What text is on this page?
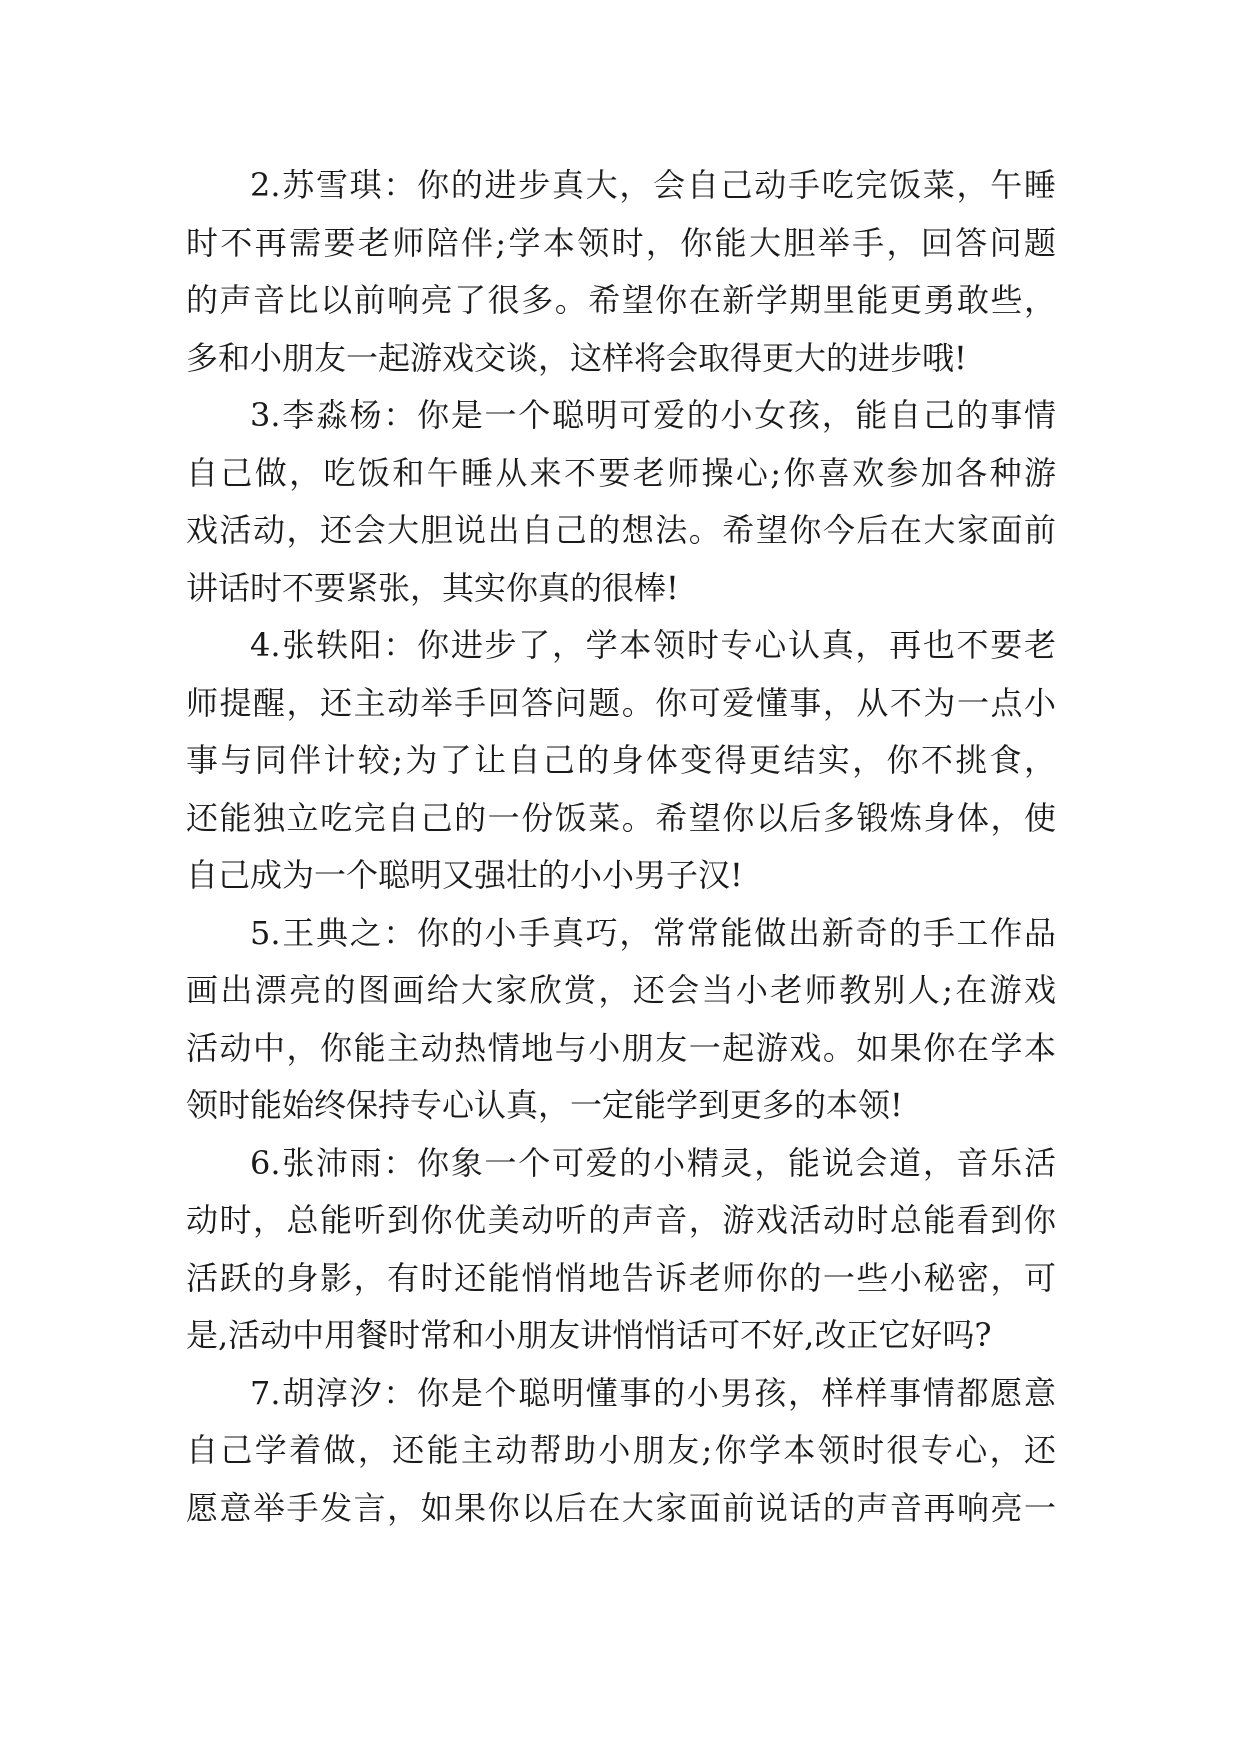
2.苏雪琪：你的进步真大，会自己动手吃完饭菜，午睡
时不再需要老师陪伴;学本领时，你能大胆举手，回答问题
的声音比以前响亮了很多。希望你在新学期里能更勇敢些，
多和小朋友一起游戏交谈，这样将会取得更大的进步哦!
3.李淼杨：你是一个聪明可爱的小女孩，能自己的事情
自己做，吃饭和午睡从来不要老师操心;你喜欢参加各种游
戏活动，还会大胆说出自己的想法。希望你今后在大家面前
讲话时不要紧张，其实你真的很棒!
4.张轶阳：你进步了，学本领时专心认真，再也不要老
师提醒，还主动举手回答问题。你可爱懂事，从不为一点小
事与同伴计较;为了让自己的身体变得更结实，你不挑食，
还能独立吃完自己的一份饭菜。希望你以后多锻炼身体，使
自己成为一个聪明又强壮的小小男子汉!
5.王典之：你的小手真巧，常常能做出新奇的手工作品
画出漂亮的图画给大家欣赏，还会当小老师教别人;在游戏
活动中，你能主动热情地与小朋友一起游戏。如果你在学本
领时能始终保持专心认真，一定能学到更多的本领!
6.张沛雨：你象一个可爱的小精灵，能说会道，音乐活
动时，总能听到你优美动听的声音，游戏活动时总能看到你
活跃的身影，有时还能悄悄地告诉老师你的一些小秘密，可
是,活动中用餐时常和小朋友讲悄悄话可不好,改正它好吗?
7.胡淳汐：你是个聪明懂事的小男孩，样样事情都愿意
自己学着做，还能主动帮助小朋友;你学本领时很专心，还
愿意举手发言，如果你以后在大家面前说话的声音再响亮一
